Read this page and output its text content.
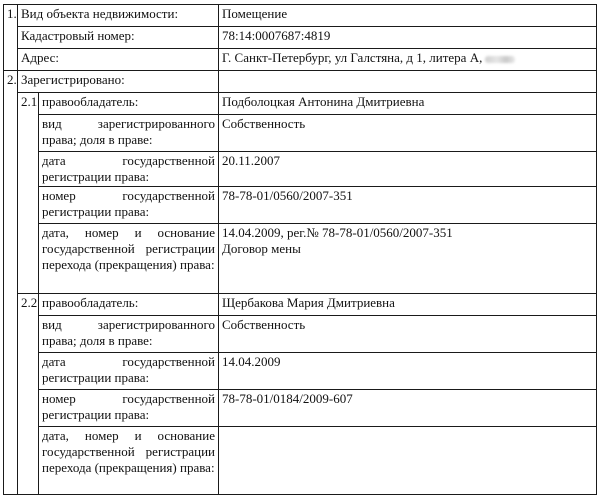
1.	Вид объекта недвижимости:		Помещение
	Кадастровый номер:		78:14:0007687:4819
	Адрес:		Г. Санкт-Петербург, ул Галстяна, д 1, литера А,
2.	Зарегистрировано:		
	2.1	правообладатель:	Подболоцкая Антонина Дмитриевна
		вид зарегистрированного права; доля в праве:	Собственность
		дата государственной регистрации права:	20.11.2007
		номер государственной регистрации права:	78-78-01/0560/2007-351
		дата, номер и основание государственной регистрации перехода (прекращения) права:	14.04.2009, рег.№ 78-78-01/0560/2007-351
Договор мены

	2.2	правообладатель:	Щербакова Мария Дмитриевна
		вид зарегистрированного права; доля в праве:	Собственность
		дата государственной регистрации права:	14.04.2009
		номер государственной регистрации права:	78-78-01/0184/2009-607
		дата, номер и основание государственной регистрации перехода (прекращения) права:	
